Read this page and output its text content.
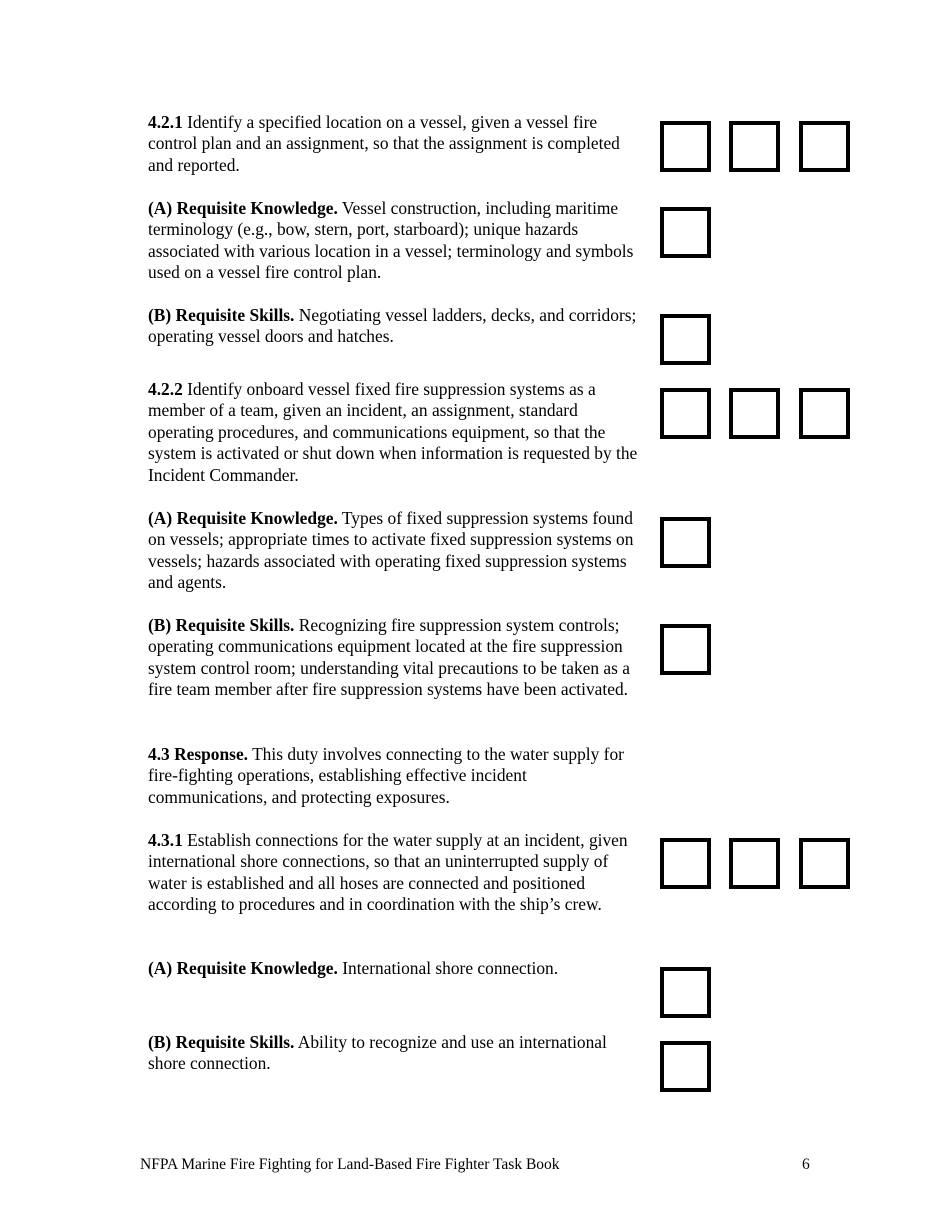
4.2.1 Identify a specified location on a vessel, given a vessel fire control plan and an assignment, so that the assignment is completed and reported.

(A) Requisite Knowledge. Vessel construction, including maritime terminology (e.g., bow, stern, port, starboard); unique hazards associated with various location in a vessel; terminology and symbols used on a vessel fire control plan.

(B) Requisite Skills. Negotiating vessel ladders, decks, and corridors; operating vessel doors and hatches.

4.2.2 Identify onboard vessel fixed fire suppression systems as a member of a team, given an incident, an assignment, standard operating procedures, and communications equipment, so that the system is activated or shut down when information is requested by the Incident Commander.

(A) Requisite Knowledge. Types of fixed suppression systems found on vessels; appropriate times to activate fixed suppression systems on vessels; hazards associated with operating fixed suppression systems and agents.

(B) Requisite Skills. Recognizing fire suppression system controls; operating communications equipment located at the fire suppression system control room; understanding vital precautions to be taken as a fire team member after fire suppression systems have been activated.

4.3 Response. This duty involves connecting to the water supply for fire-fighting operations, establishing effective incident communications, and protecting exposures.

4.3.1 Establish connections for the water supply at an incident, given international shore connections, so that an uninterrupted supply of water is established and all hoses are connected and positioned according to procedures and in coordination with the ship’s crew.

(A) Requisite Knowledge. International shore connection.

(B) Requisite Skills. Ability to recognize and use an international shore connection.

NFPA Marine Fire Fighting for Land-Based Fire Fighter Task Book	6
